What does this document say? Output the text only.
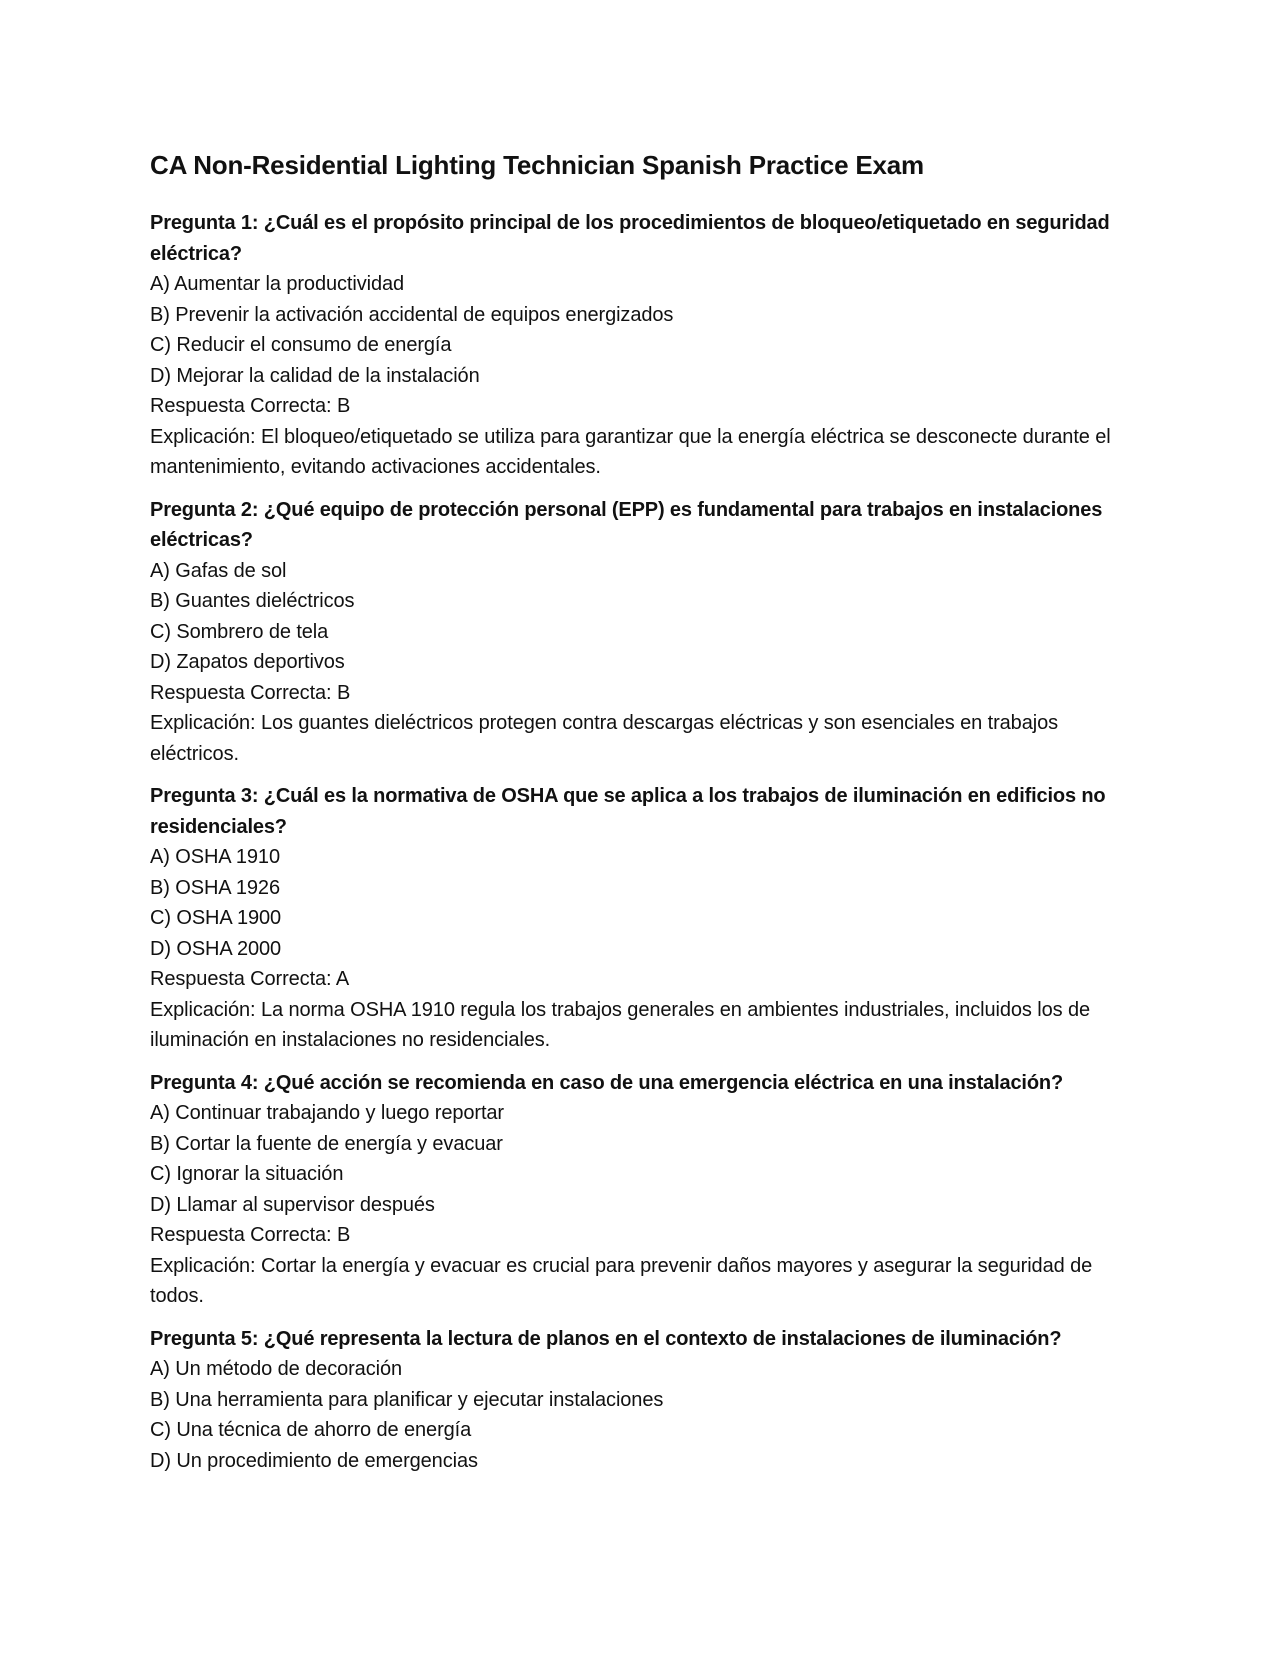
CA Non-Residential Lighting Technician Spanish Practice Exam
Pregunta 1: ¿Cuál es el propósito principal de los procedimientos de bloqueo/etiquetado en seguridad eléctrica?
A) Aumentar la productividad
B) Prevenir la activación accidental de equipos energizados
C) Reducir el consumo de energía
D) Mejorar la calidad de la instalación
Respuesta Correcta: B
Explicación: El bloqueo/etiquetado se utiliza para garantizar que la energía eléctrica se desconecte durante el mantenimiento, evitando activaciones accidentales.
Pregunta 2: ¿Qué equipo de protección personal (EPP) es fundamental para trabajos en instalaciones eléctricas?
A) Gafas de sol
B) Guantes dieléctricos
C) Sombrero de tela
D) Zapatos deportivos
Respuesta Correcta: B
Explicación: Los guantes dieléctricos protegen contra descargas eléctricas y son esenciales en trabajos eléctricos.
Pregunta 3: ¿Cuál es la normativa de OSHA que se aplica a los trabajos de iluminación en edificios no residenciales?
A) OSHA 1910
B) OSHA 1926
C) OSHA 1900
D) OSHA 2000
Respuesta Correcta: A
Explicación: La norma OSHA 1910 regula los trabajos generales en ambientes industriales, incluidos los de iluminación en instalaciones no residenciales.
Pregunta 4: ¿Qué acción se recomienda en caso de una emergencia eléctrica en una instalación?
A) Continuar trabajando y luego reportar
B) Cortar la fuente de energía y evacuar
C) Ignorar la situación
D) Llamar al supervisor después
Respuesta Correcta: B
Explicación: Cortar la energía y evacuar es crucial para prevenir daños mayores y asegurar la seguridad de todos.
Pregunta 5: ¿Qué representa la lectura de planos en el contexto de instalaciones de iluminación?
A) Un método de decoración
B) Una herramienta para planificar y ejecutar instalaciones
C) Una técnica de ahorro de energía
D) Un procedimiento de emergencias
